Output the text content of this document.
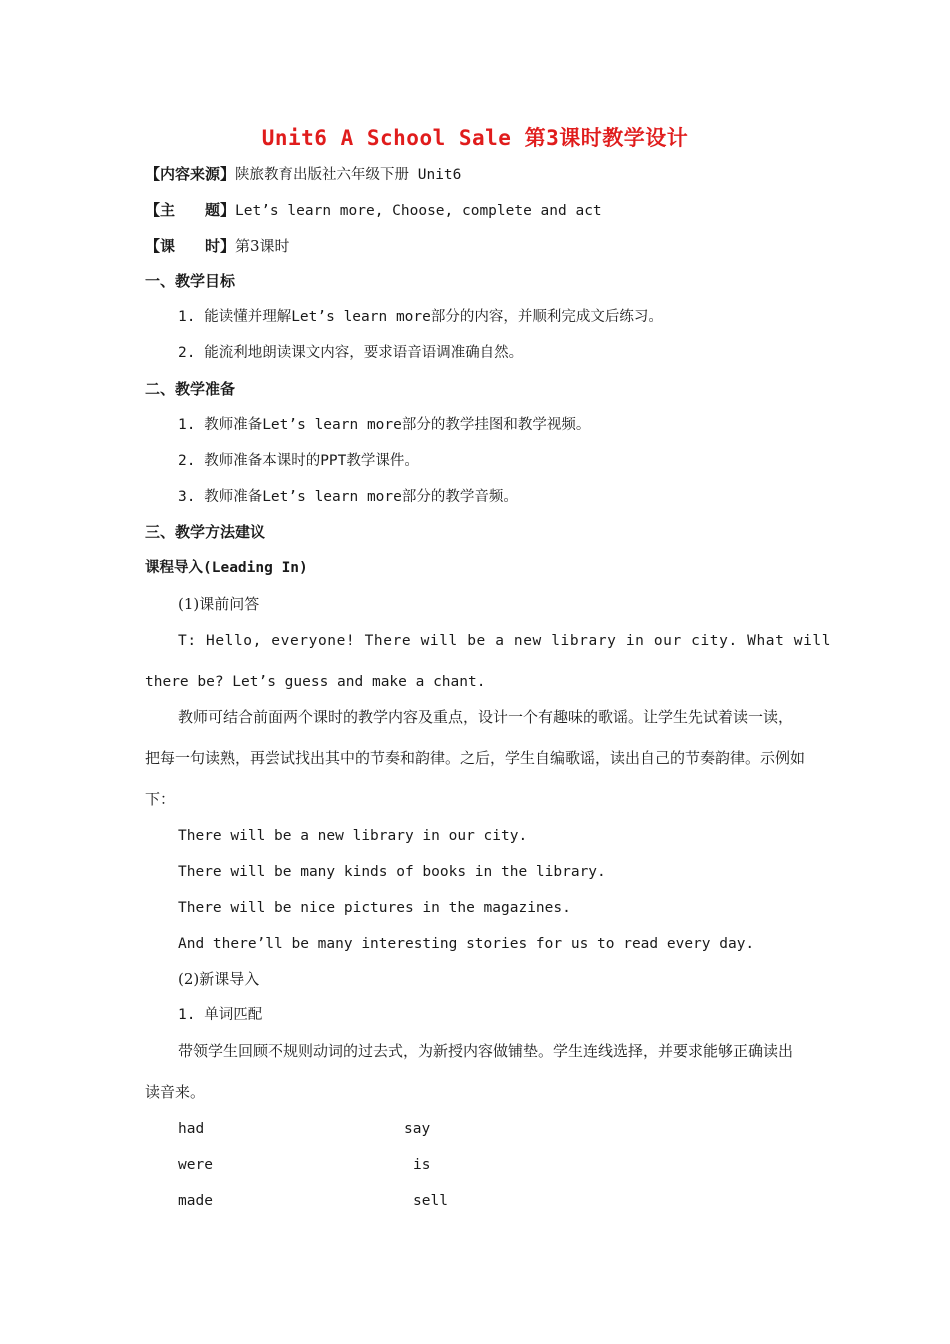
Unit6 A School Sale 第3课时教学设计
【内容来源】陕旅教育出版社六年级下册 Unit6
【主　　题】Let’s learn more, Choose, complete and act
【课　　时】第3课时
一、教学目标
1. 能读懂并理解Let’s learn more部分的内容，并顺利完成文后练习。
2. 能流利地朗读课文内容，要求语音语调准确自然。
二、教学准备
1. 教师准备Let’s learn more部分的教学挂图和教学视频。
2. 教师准备本课时的PPT教学课件。
3. 教师准备Let’s learn more部分的教学音频。
三、教学方法建议
课程导入(Leading In)
(1)课前问答
T: Hello, everyone! There will be a new library in our city. What will
there be? Let’s guess and make a chant.
教师可结合前面两个课时的教学内容及重点，设计一个有趣味的歌谣。让学生先试着读一读，把每一句读熟，再尝试找出其中的节奏和韵律。之后，学生自编歌谣，读出自己的节奏韵律。示例如下：
There will be a new library in our city.
There will be many kinds of books in the library.
There will be nice pictures in the magazines.
And there’ll be many interesting stories for us to read every day.
(2)新课导入
1. 单词匹配
带领学生回顾不规则动词的过去式，为新授内容做铺垫。学生连线选择，并要求能够正确读出读音来。
had	say
were	is
made	sell
